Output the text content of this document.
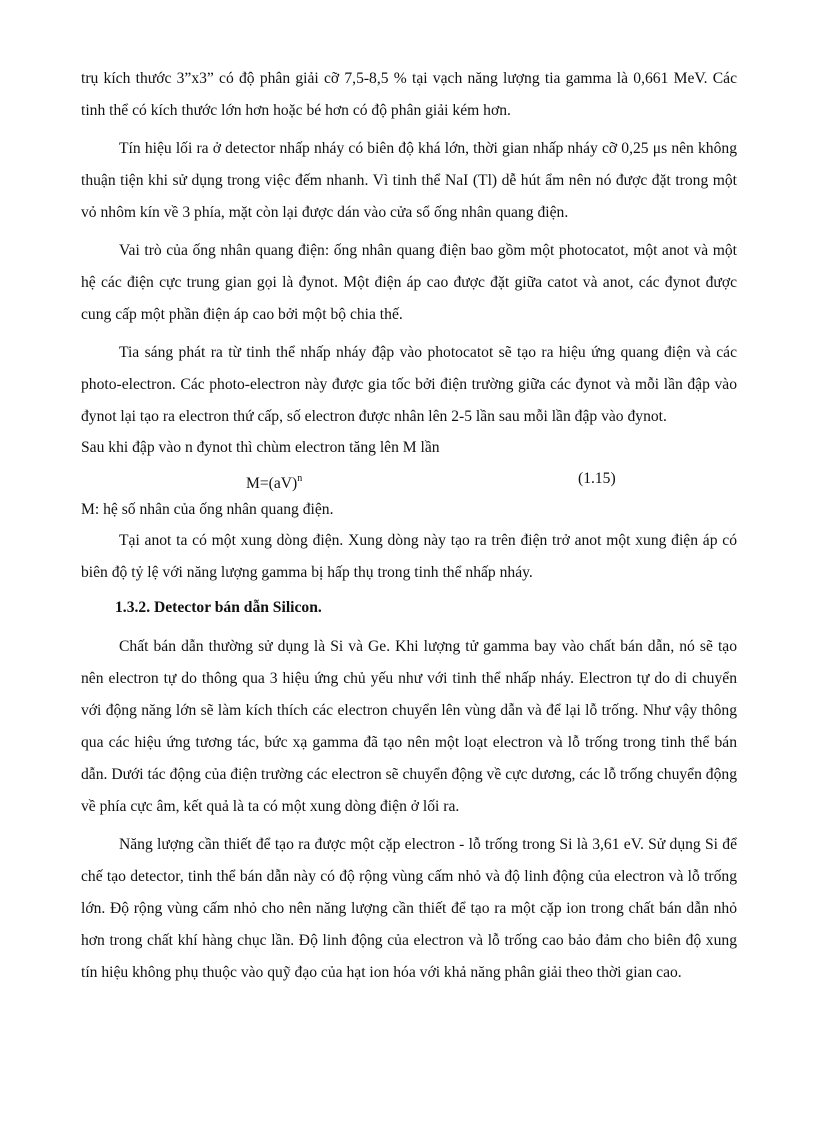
trụ kích thước 3”x3” có độ phân giải cỡ 7,5-8,5 % tại vạch năng lượng tia gamma là 0,661 MeV. Các tinh thể có kích thước lớn hơn hoặc bé hơn có độ phân giải kém hơn.

Tín hiệu lối ra ở detector nhấp nháy có biên độ khá lớn, thời gian nhấp nháy cỡ 0,25 μs nên không thuận tiện khi sử dụng trong việc đếm nhanh. Vì tinh thể NaI (Tl) dễ hút ẩm nên nó được đặt trong một vỏ nhôm kín về 3 phía, mặt còn lại được dán vào cửa sổ ống nhân quang điện.

Vai trò của ống nhân quang điện: ống nhân quang điện bao gồm một photocatot, một anot và một hệ các điện cực trung gian gọi là đynot. Một điện áp cao được đặt giữa catot và anot, các đynot được cung cấp một phần điện áp cao bởi một bộ chia thế.

Tia sáng phát ra từ tinh thể nhấp nháy đập vào photocatot sẽ tạo ra hiệu ứng quang điện và các photo-electron. Các photo-electron này được gia tốc bởi điện trường giữa các đynot và mỗi lần đập vào đynot lại tạo ra electron thứ cấp, số electron được nhân lên 2-5 lần sau mỗi lần đập vào đynot.

Sau khi đập vào n đynot thì chùm electron tăng lên M lần

M=(aV)$^n$	(1.15)

M: hệ số nhân của ống nhân quang điện.

Tại anot ta có một xung dòng điện. Xung dòng này tạo ra trên điện trở anot một xung điện áp có biên độ tỷ lệ với năng lượng gamma bị hấp thụ trong tinh thể nhấp nháy.

1.3.2. Detector bán dẫn Silicon.

Chất bán dẫn thường sử dụng là Si và Ge. Khi lượng tử gamma bay vào chất bán dẫn, nó sẽ tạo nên electron tự do thông qua 3 hiệu ứng chủ yếu như với tinh thể nhấp nháy. Electron tự do di chuyển với động năng lớn sẽ làm kích thích các electron chuyển lên vùng dẫn và để lại lỗ trống. Như vậy thông qua các hiệu ứng tương tác, bức xạ gamma đã tạo nên một loạt electron và lỗ trống trong tinh thể bán dẫn. Dưới tác động của điện trường các electron sẽ chuyển động về cực dương, các lỗ trống chuyển động về phía cực âm, kết quả là ta có một xung dòng điện ở lối ra.

Năng lượng cần thiết để tạo ra được một cặp electron - lỗ trống trong Si là 3,61 eV. Sử dụng Si để chế tạo detector, tinh thể bán dẫn này có độ rộng vùng cấm nhỏ và độ linh động của electron và lỗ trống lớn. Độ rộng vùng cấm nhỏ cho nên năng lượng cần thiết để tạo ra một cặp ion trong chất bán dẫn nhỏ hơn trong chất khí hàng chục lần. Độ linh động của electron và lỗ trống cao bảo đảm cho biên độ xung tín hiệu không phụ thuộc vào quỹ đạo của hạt ion hóa với khả năng phân giải theo thời gian cao.
